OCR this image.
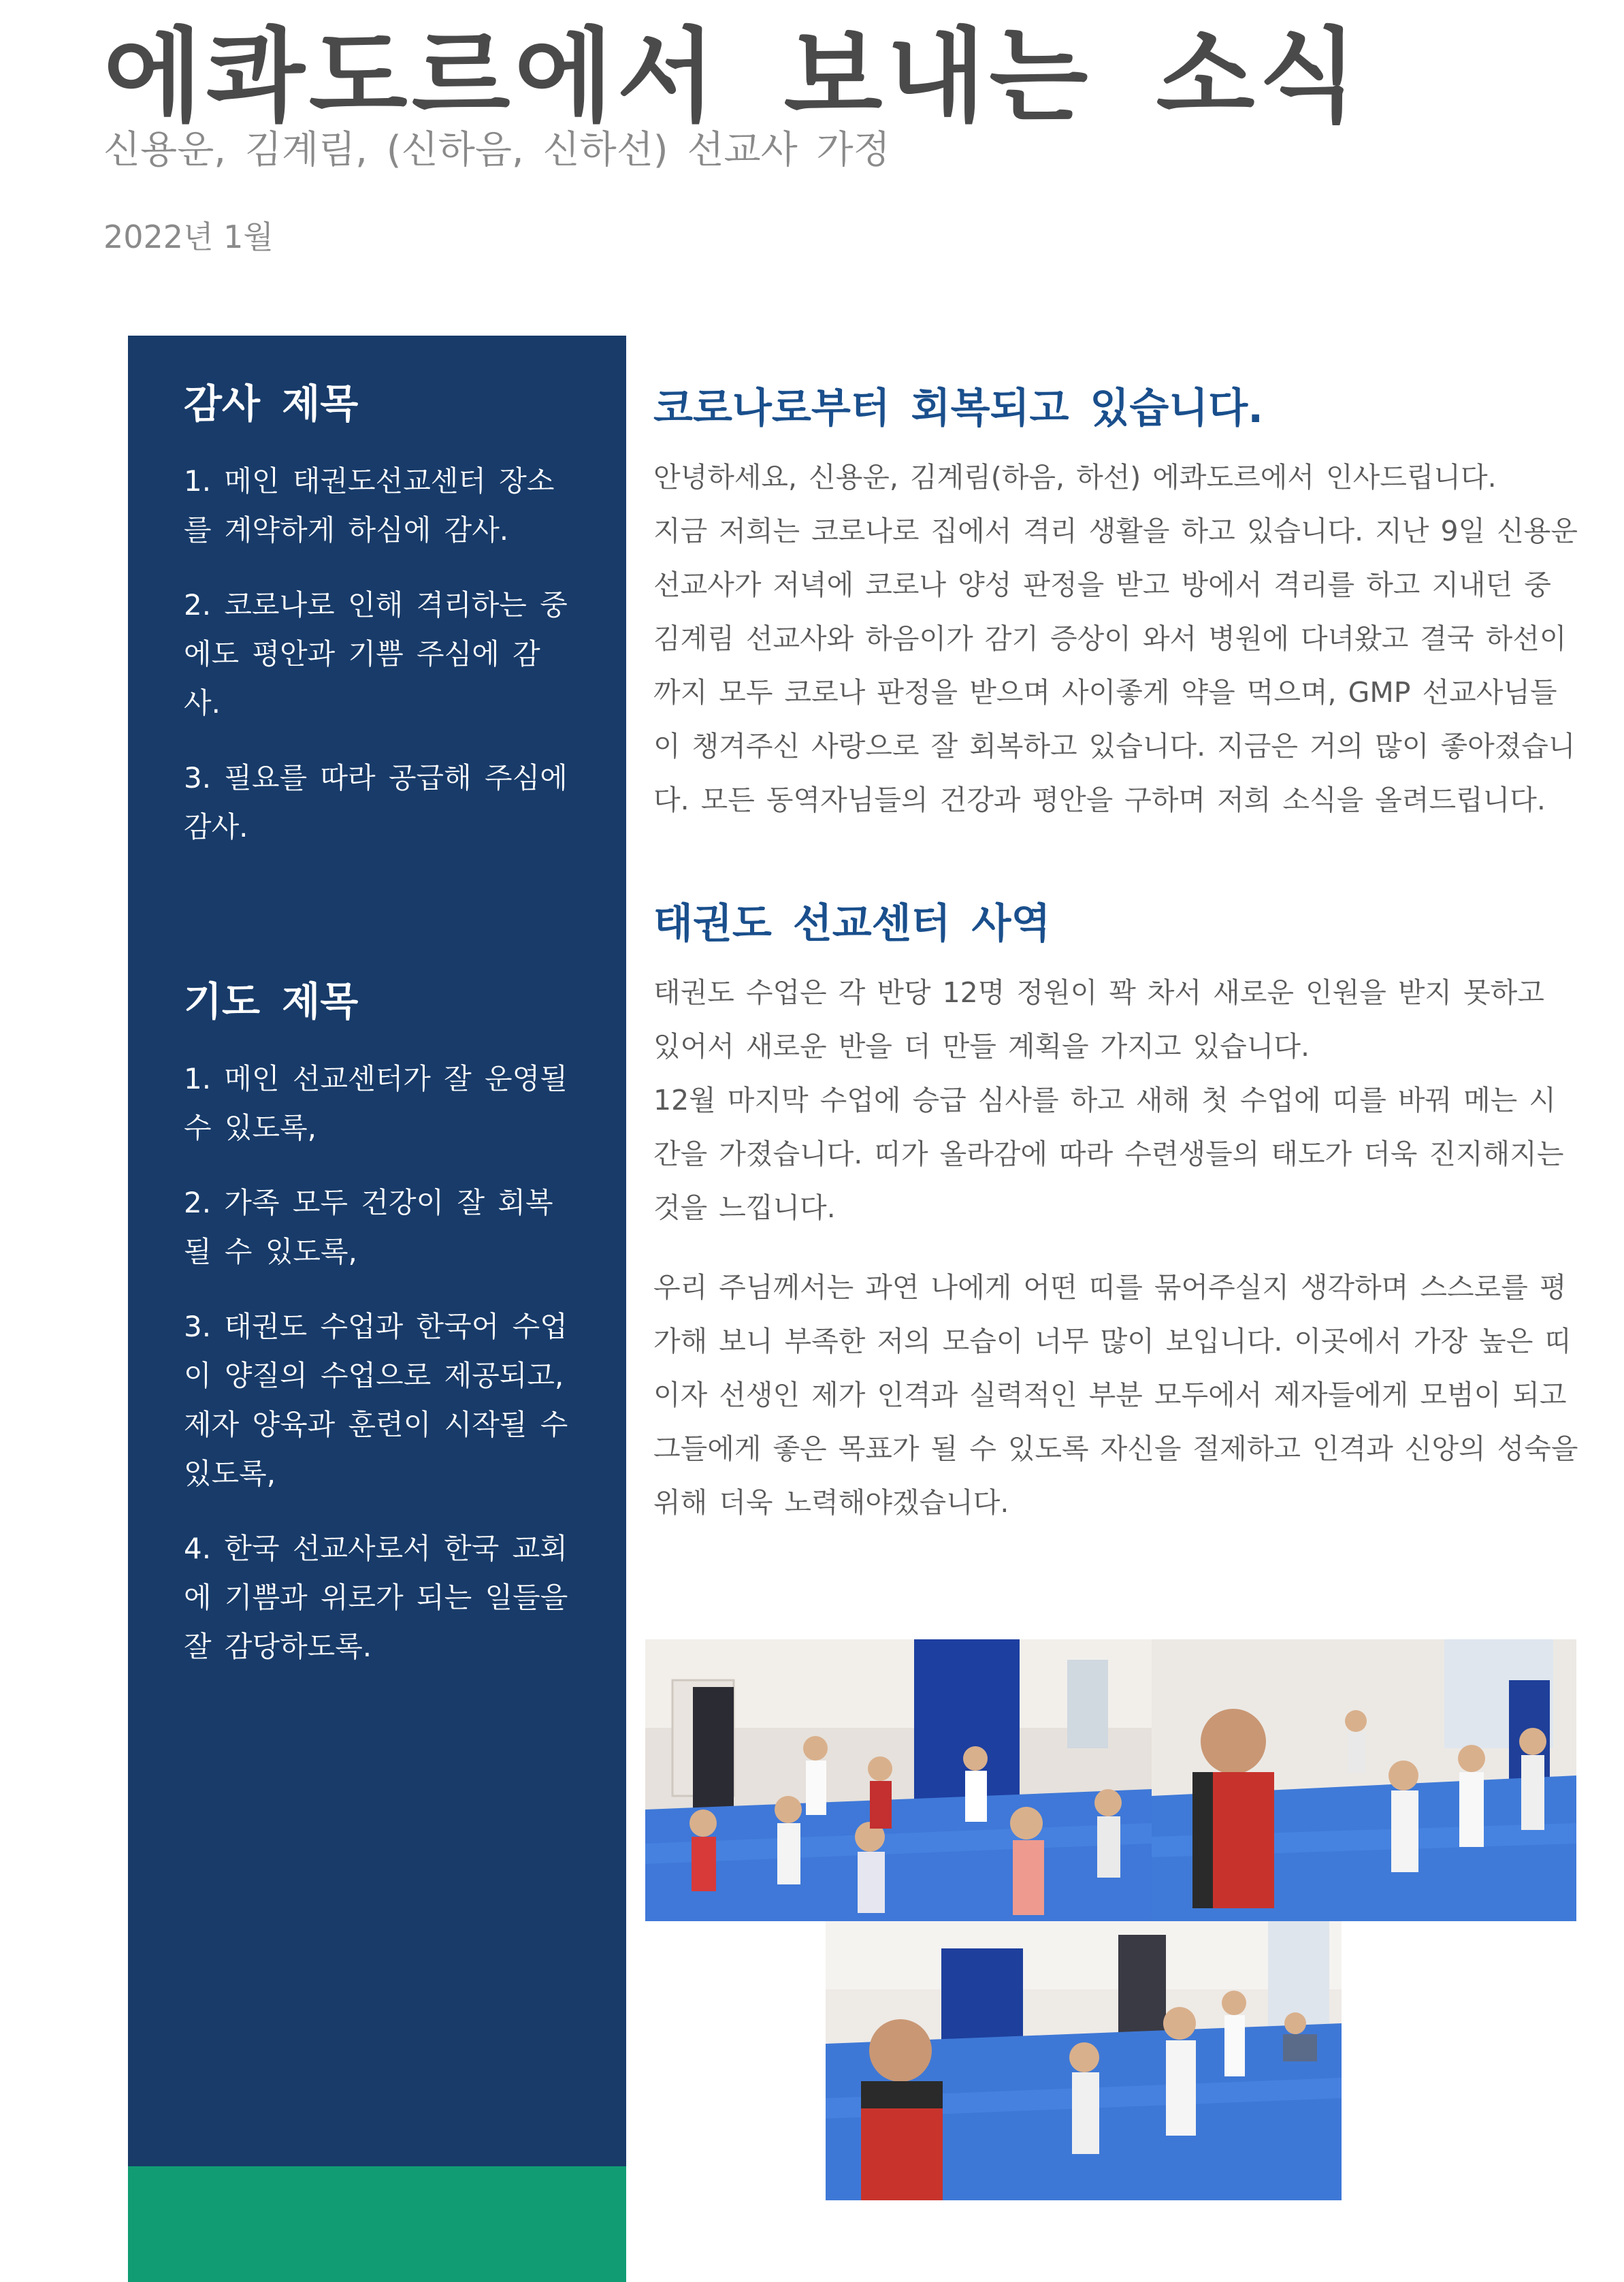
에콰도르에서 보내는 소식
신용운, 김계림, (신하음, 신하선) 선교사 가정
2022년 1월
감사 제목
1. 메인 태권도선교센터 장소를 계약하게 하심에 감사.
2. 코로나로 인해 격리하는 중에도 평안과 기쁨 주심에 감사.
3. 필요를 따라 공급해 주심에 감사.
기도 제목
1. 메인 선교센터가 잘 운영될 수 있도록,
2. 가족 모두 건강이 잘 회복될 수 있도록,
3. 태권도 수업과 한국어 수업이 양질의 수업으로 제공되고, 제자 양육과 훈련이 시작될 수 있도록,
4. 한국 선교사로서 한국 교회에 기쁨과 위로가 되는 일들을 잘 감당하도록.
코로나로부터 회복되고 있습니다.

안녕하세요, 신용운, 김계림(하음, 하선) 에콰도르에서 인사드립니다.

지금 저희는 코로나로 집에서 격리 생활을 하고 있습니다. 지난 9일 신용운 선교사가 저녁에 코로나 양성 판정을 받고 방에서 격리를 하고 지내던 중 김계림 선교사와 하음이가 감기 증상이 와서 병원에 다녀왔고 결국 하선이까지 모두 코로나 판정을 받으며 사이좋게 약을 먹으며, GMP 선교사님들이 챙겨주신 사랑으로 잘 회복하고 있습니다. 지금은 거의 많이 좋아졌습니다. 모든 동역자님들의 건강과 평안을 구하며 저희 소식을 올려드립니다.

태권도 선교센터 사역

태권도 수업은 각 반당 12명 정원이 꽉 차서 새로운 인원을 받지 못하고 있어서 새로운 반을 더 만들 계획을 가지고 있습니다.

12월 마지막 수업에 승급 심사를 하고 새해 첫 수업에 띠를 바꿔 메는 시간을 가졌습니다. 띠가 올라감에 따라 수련생들의 태도가 더욱 진지해지는 것을 느낍니다.

우리 주님께서는 과연 나에게 어떤 띠를 묶어주실지 생각하며 스스로를 평가해 보니 부족한 저의 모습이 너무 많이 보입니다. 이곳에서 가장 높은 띠이자 선생인 제가 인격과 실력적인 부분 모두에서 제자들에게 모범이 되고 그들에게 좋은 목표가 될 수 있도록 자신을 절제하고 인격과 신앙의 성숙을 위해 더욱 노력해야겠습니다.
